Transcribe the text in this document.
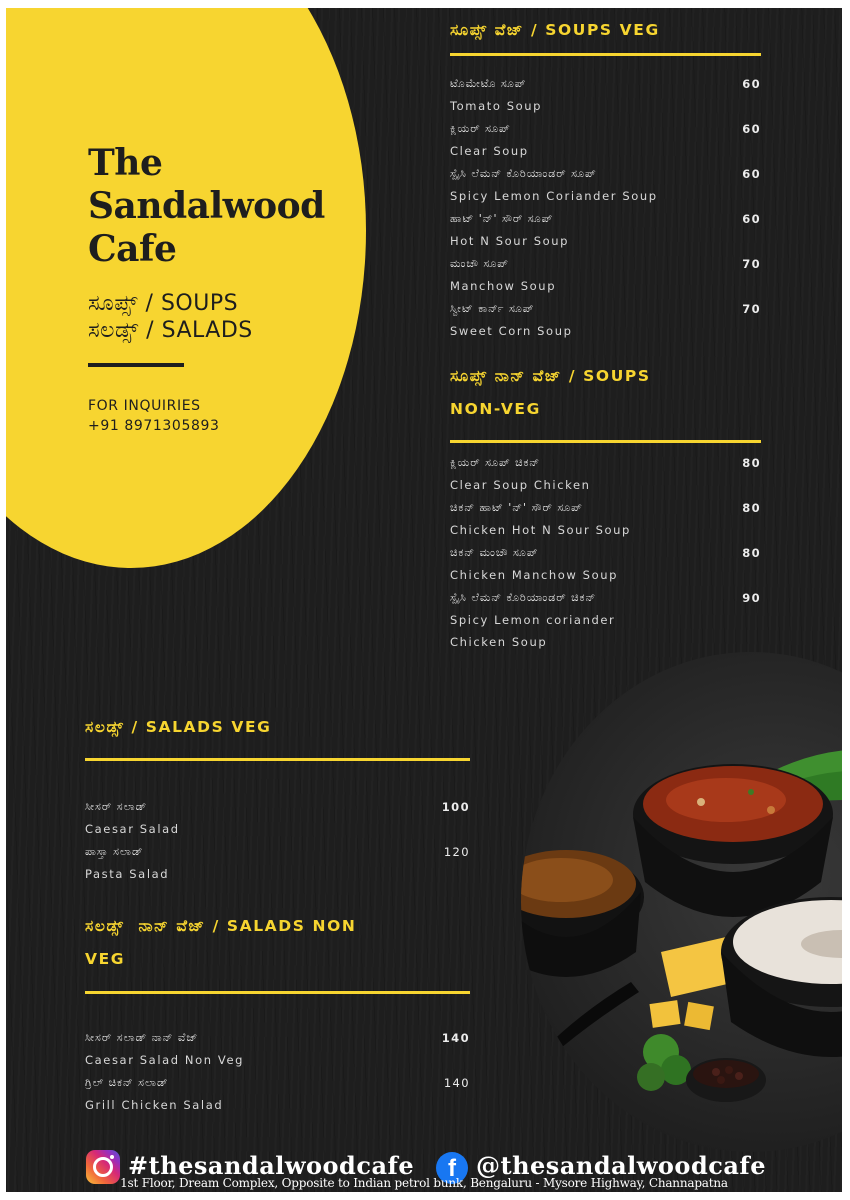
The
Sandalwood
Cafe
ಸೂಪ್ಸ್ / SOUPS
ಸಲಡ್ಸ್ / SALADS
FOR INQUIRIES
+91 8971305893
ಸೂಪ್ಸ್ ವೆಜ್ / SOUPS VEG
ಟೊಮೇಟೊ ಸೂಪ್
Tomato Soup
60
ಕ್ಲಿಯರ್ ಸೂಪ್
Clear Soup
60
ಸ್ಪೈಸಿ ಲೆಮನ್ ಕೊರಿಯಾಂಡರ್ ಸೂಪ್
Spicy Lemon Coriander Soup
60
ಹಾಟ್ 'ನ್' ಸೌರ್ ಸೂಪ್
Hot N Sour Soup
60
ಮಂಚೌ ಸೂಪ್
Manchow Soup
70
ಸ್ವೀಟ್ ಕಾರ್ನ್ ಸೂಪ್
Sweet Corn Soup
70
ಸೂಪ್ಸ್ ನಾನ್ ವೆಜ್ / SOUPS
NON-VEG
ಕ್ಲಿಯರ್ ಸೂಪ್ ಚಿಕನ್
Clear Soup Chicken
80
ಚಿಕನ್ ಹಾಟ್ 'ನ್' ಸೌರ್ ಸೂಪ್
Chicken Hot N Sour Soup
80
ಚಿಕನ್ ಮಂಚೌ ಸೂಪ್
Chicken Manchow Soup
80
ಸ್ಪೈಸಿ ಲೆಮನ್ ಕೊರಿಯಾಂಡರ್ ಚಿಕನ್
Spicy Lemon coriander
Chicken Soup
90
ಸಲಡ್ಸ್ / SALADS VEG
ಸೀಸರ್ ಸಲಾಡ್
Caesar Salad
100
ಪಾಸ್ತಾ ಸಲಾಡ್
Pasta Salad
120
ಸಲಡ್ಸ್  ನಾನ್ ವೆಜ್ / SALADS NON
VEG
ಸೀಸರ್ ಸಲಾಡ್ ನಾನ್ ವೆಜ್
Caesar Salad Non Veg
140
ಗ್ರಿಲ್ ಚಿಕನ್ ಸಲಾಡ್
Grill Chicken Salad
140
#thesandalwoodcafe	f @thesandalwoodcafe
1st Floor, Dream Complex, Opposite to Indian petrol bunk, Bengaluru - Mysore Highway, Channapatna
